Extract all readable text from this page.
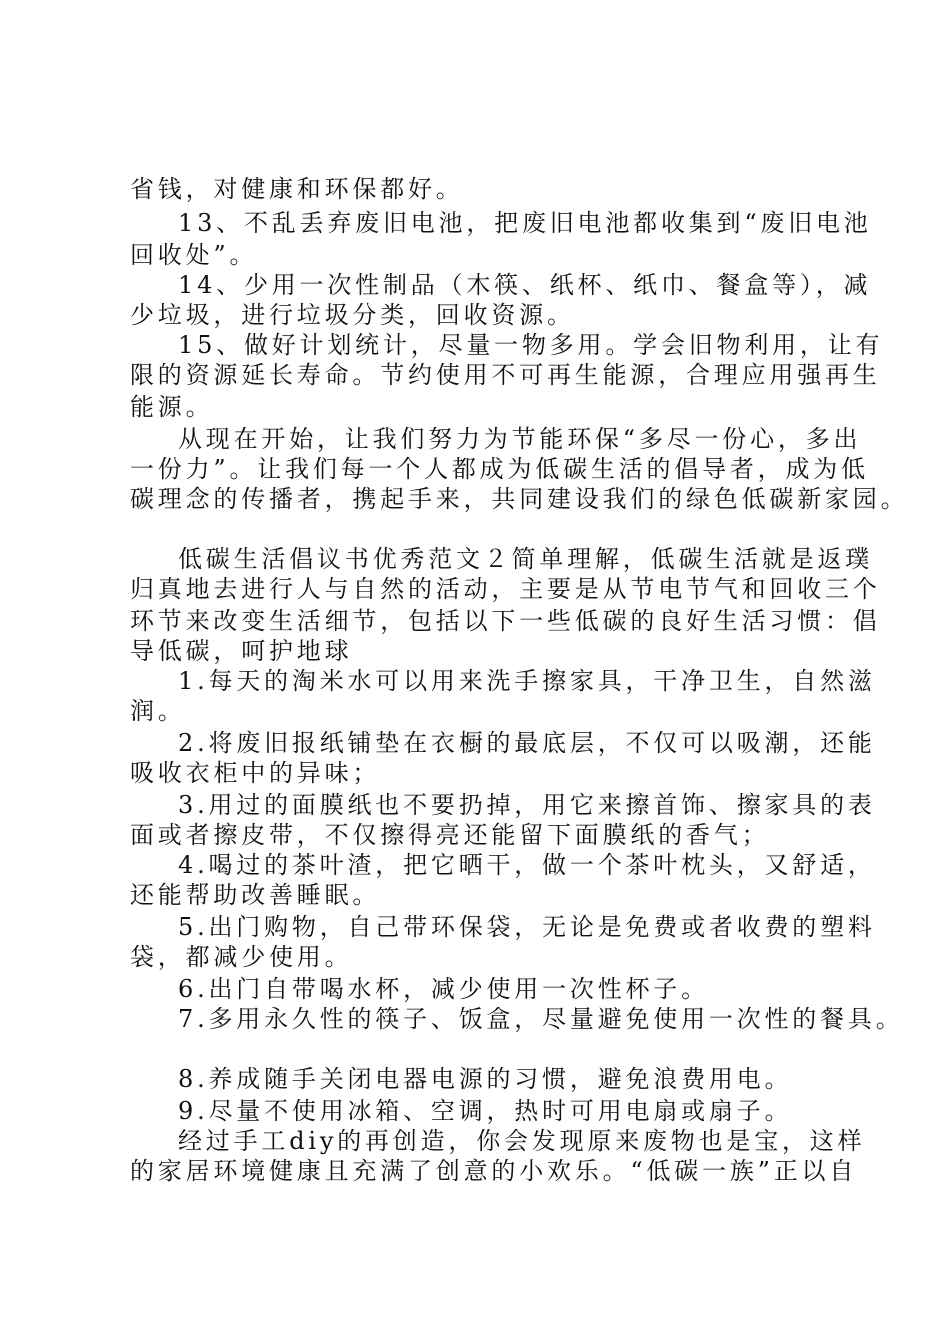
省钱，对健康和环保都好。
13、不乱丢弃废旧电池，把废旧电池都收集到“废旧电池
回收处”。
14、少用一次性制品（木筷、纸杯、纸巾、餐盒等），减
少垃圾，进行垃圾分类，回收资源。
15、做好计划统计，尽量一物多用。学会旧物利用，让有
限的资源延长寿命。节约使用不可再生能源，合理应用强再生
能源。
从现在开始，让我们努力为节能环保“多尽一份心，多出
一份力”。让我们每一个人都成为低碳生活的倡导者，成为低
碳理念的传播者，携起手来，共同建设我们的绿色低碳新家园。
低碳生活倡议书优秀范文２简单理解，低碳生活就是返璞
归真地去进行人与自然的活动，主要是从节电节气和回收三个
环节来改变生活细节，包括以下一些低碳的良好生活习惯：倡
导低碳，呵护地球
1.每天的淘米水可以用来洗手擦家具，干净卫生，自然滋
润。
2.将废旧报纸铺垫在衣橱的最底层，不仅可以吸潮，还能
吸收衣柜中的异味；
3.用过的面膜纸也不要扔掉，用它来擦首饰、擦家具的表
面或者擦皮带，不仅擦得亮还能留下面膜纸的香气；
4.喝过的茶叶渣，把它晒干，做一个茶叶枕头，又舒适，
还能帮助改善睡眠。
5.出门购物，自己带环保袋，无论是免费或者收费的塑料
袋，都减少使用。
6.出门自带喝水杯，减少使用一次性杯子。
7.多用永久性的筷子、饭盒，尽量避免使用一次性的餐具。
8.养成随手关闭电器电源的习惯，避免浪费用电。
9.尽量不使用冰箱、空调，热时可用电扇或扇子。
经过手工diy的再创造，你会发现原来废物也是宝，这样
的家居环境健康且充满了创意的小欢乐。“低碳一族”正以自
